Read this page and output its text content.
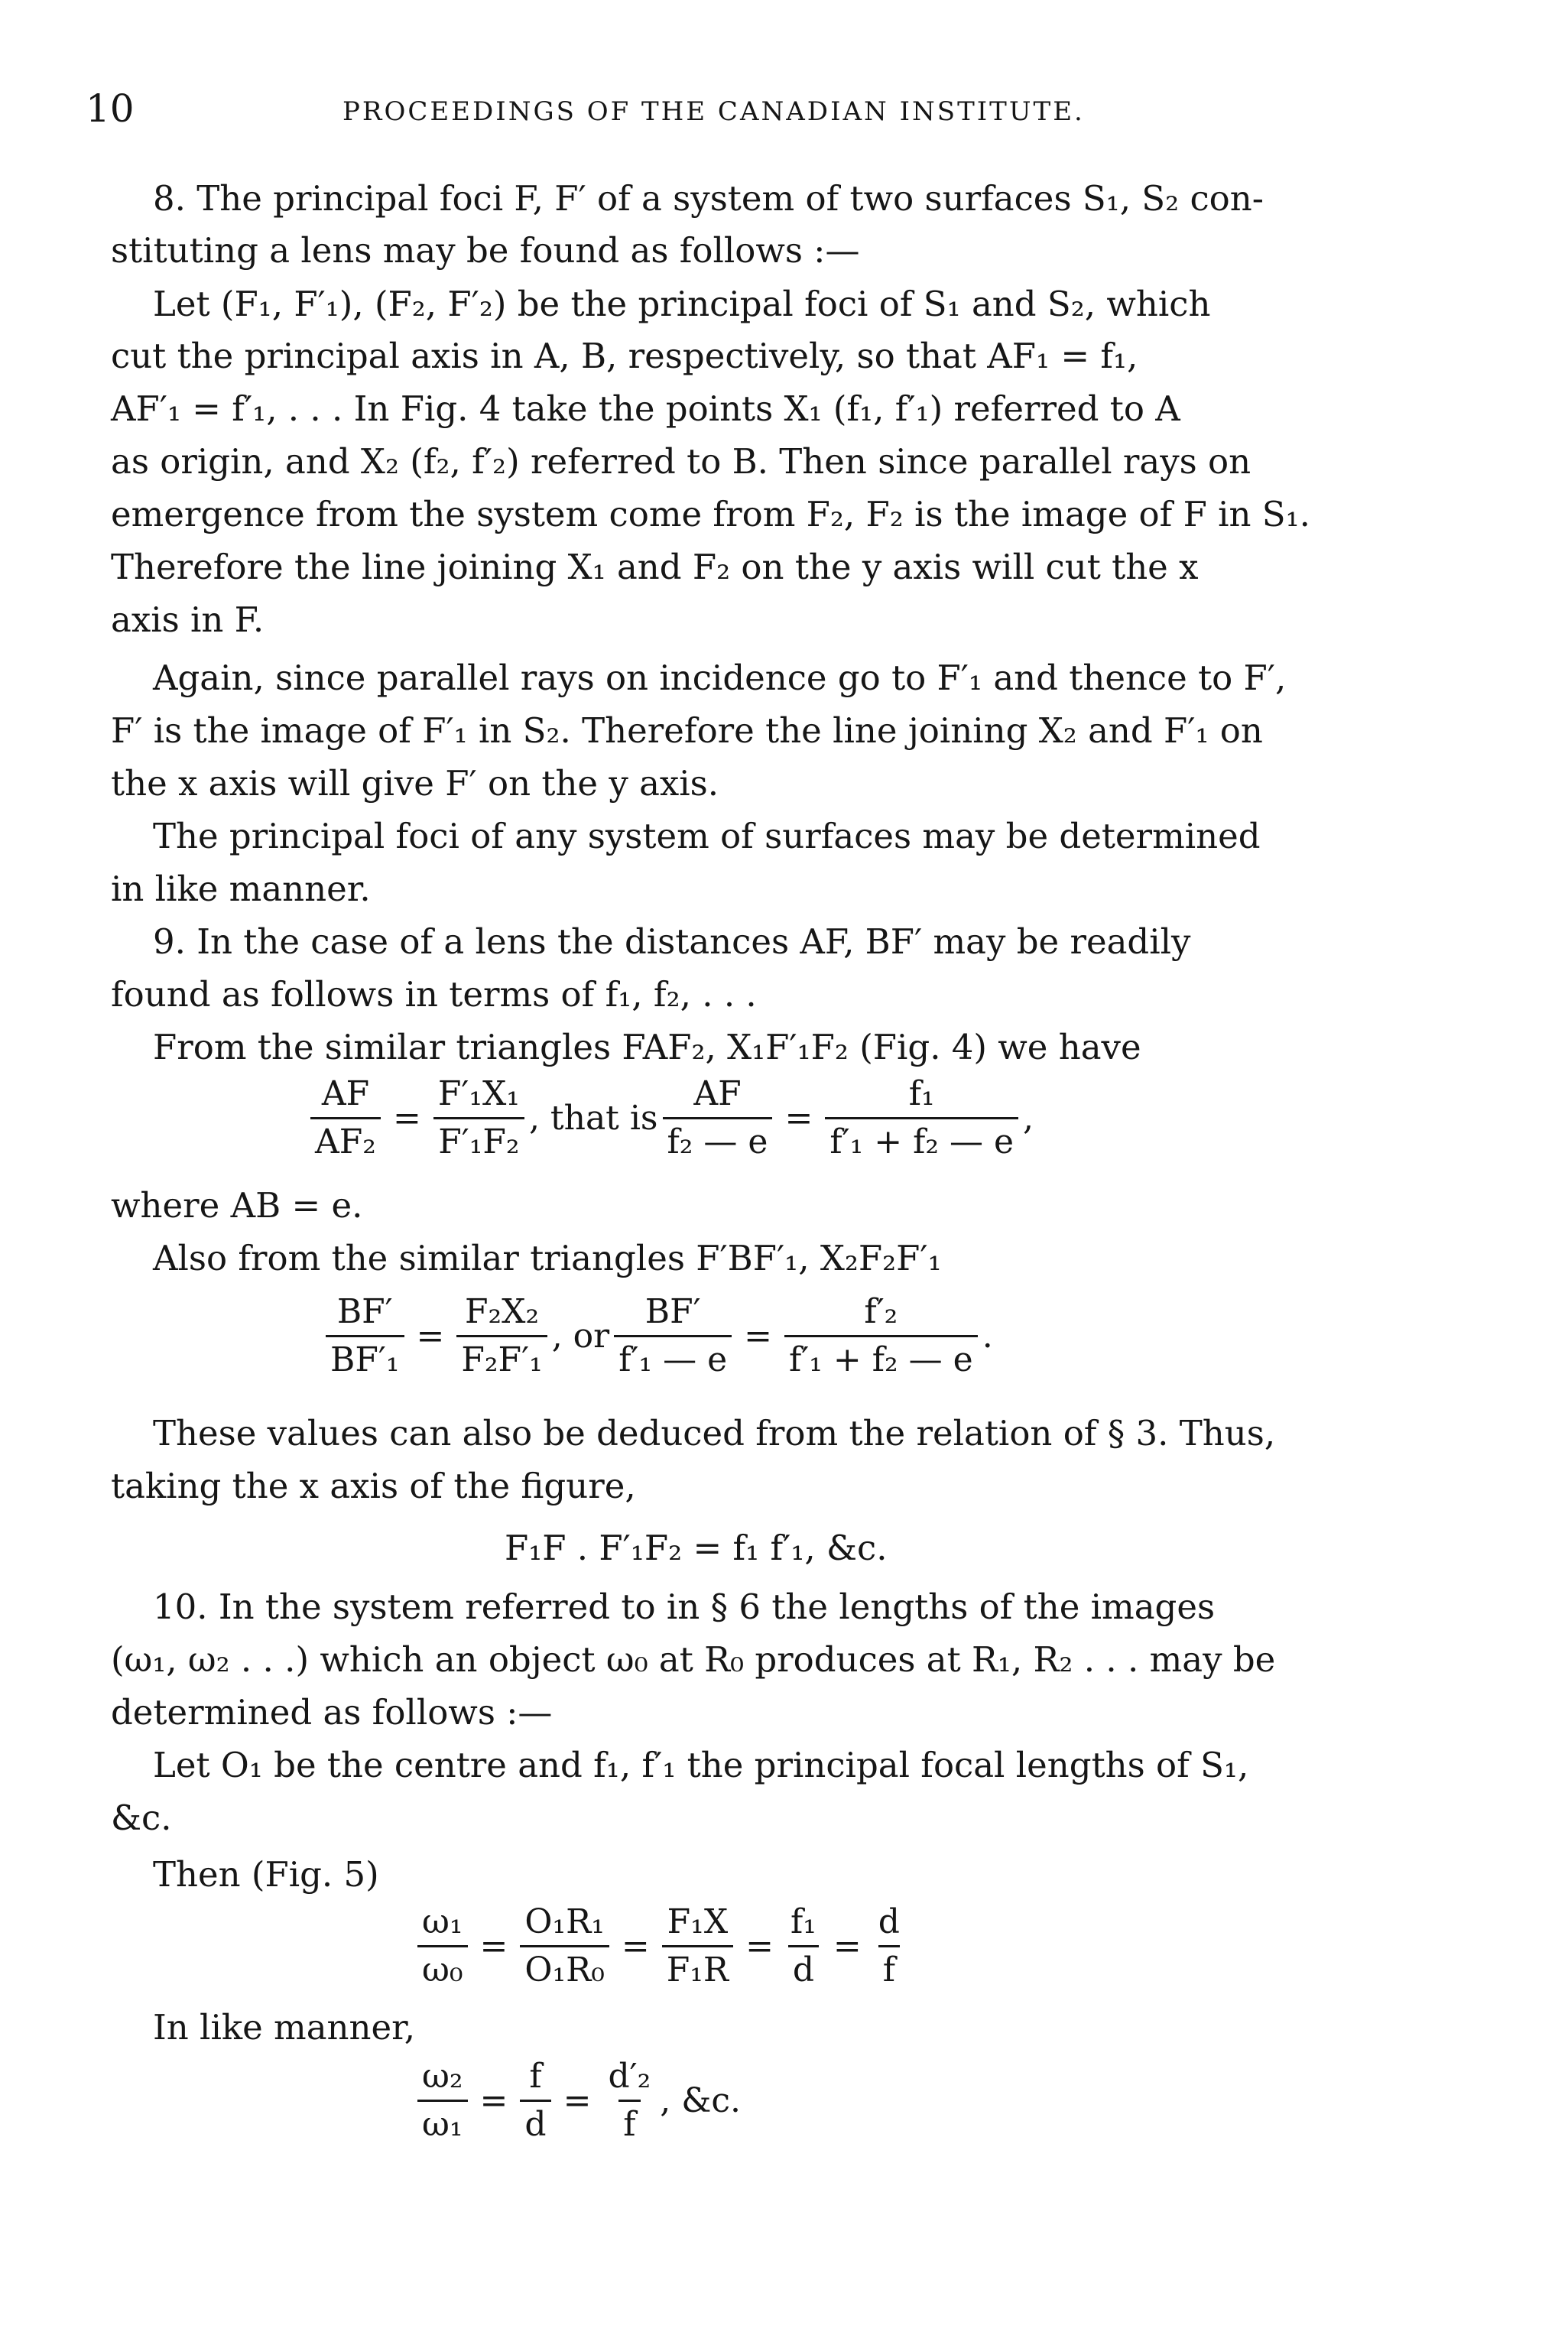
10	PROCEEDINGS OF THE CANADIAN INSTITUTE.
8. The principal foci F, F′ of a system of two surfaces S₁, S₂ con-
stituting a lens may be found as follows :—
Let (F₁, F′₁), (F₂, F′₂) be the principal foci of S₁ and S₂, which
cut the principal axis in A, B, respectively, so that AF₁ = f₁,
AF′₁ = f′₁, . . . In Fig. 4 take the points X₁ (f₁, f′₁) referred to A
as origin, and X₂ (f₂, f′₂) referred to B. Then since parallel rays on
emergence from the system come from F₂, F₂ is the image of F in S₁.
Therefore the line joining X₁ and F₂ on the y axis will cut the x
axis in F.
Again, since parallel rays on incidence go to F′₁ and thence to F′,
F′ is the image of F′₁ in S₂. Therefore the line joining X₂ and F′₁ on
the x axis will give F′ on the y axis.
The principal foci of any system of surfaces may be determined
in like manner.
9. In the case of a lens the distances AF, BF′ may be readily
found as follows in terms of f₁, f₂, . . .
From the similar triangles FAF₂, X₁F′₁F₂ (Fig. 4) we have
$\frac{AF}{\text{AF₂}} = \frac{\text{F′₁X₁}}{\text{F′₁F₂}}$ , that is $\frac{AF}{\text{f₂ — e}} = \frac{\text{f₁}}{\text{f′₁ + f₂ — e}}$ ,
where AB = e.
Also from the similar triangles F′BF′₁, X₂F₂F′₁
$\frac{BF'}{\text{BF′₁}} = \frac{\text{F₂X₂}}{\text{F₂F′₁}}$ , or $\frac{BF'}{\text{f′₁ — e}} = \frac{\text{f′₂}}{\text{f′₁ + f₂ — e}}$ .
These values can also be deduced from the relation of § 3. Thus,
taking the x axis of the figure,
F₁F . F′₁F₂ = f₁ f′₁, &c.
10. In the system referred to in § 6 the lengths of the images
(ω₁, ω₂ . . .) which an object ω₀ at R₀ produces at R₁, R₂ . . . may be
determined as follows :—
Let O₁ be the centre and f₁, f′₁ the principal focal lengths of S₁,
&c.
Then (Fig. 5)
$\frac{\text{ω₁}}{\text{ω₀}} = \frac{\text{O₁R₁}}{\text{O₁R₀}} = \frac{\text{F₁X}}{\text{F₁R}} = \frac{\text{f₁}}{d} = \frac{d}{f}$
In like manner,
$\frac{\text{ω₂}}{\text{ω₁}} = \frac{f}{d} = \frac{\text{d′₂}}{f}$ , &c.
